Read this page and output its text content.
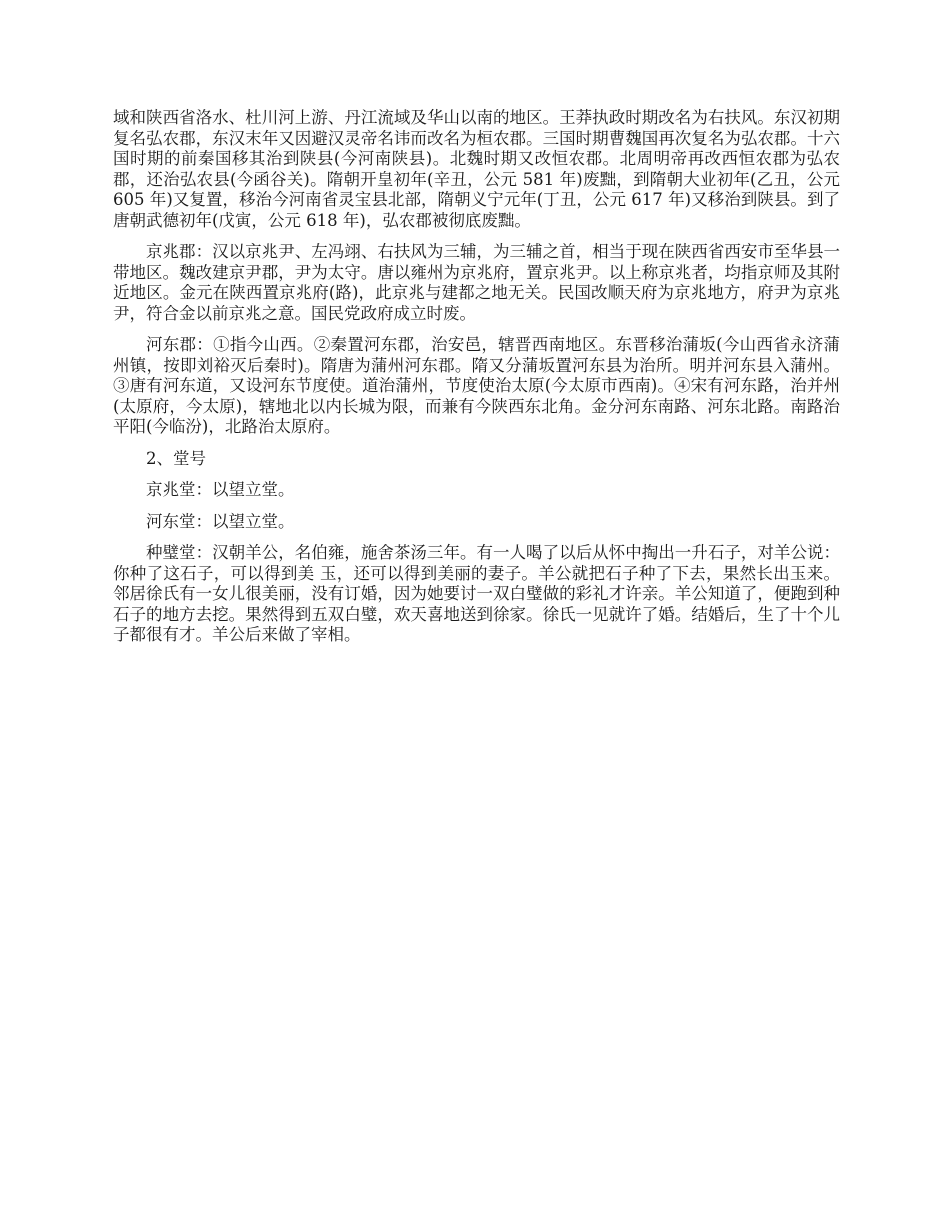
域和陕西省洛水、杜川河上游、丹江流域及华山以南的地区。王莽执政时期改名为右扶风。东汉初期复名弘农郡，东汉末年又因避汉灵帝名讳而改名为桓农郡。三国时期曹魏国再次复名为弘农郡。十六国时期的前秦国移其治到陕县(今河南陕县)。北魏时期又改恒农郡。北周明帝再改西恒农郡为弘农郡，还治弘农县(今函谷关)。隋朝开皇初年(辛丑，公元 581 年)废黜，到隋朝大业初年(乙丑，公元 605 年)又复置，移治今河南省灵宝县北部，隋朝义宁元年(丁丑，公元 617 年)又移治到陕县。到了唐朝武德初年(戊寅，公元 618 年)，弘农郡被彻底废黜。

京兆郡：汉以京兆尹、左冯翊、右扶风为三辅，为三辅之首，相当于现在陕西省西安市至华县一带地区。魏改建京尹郡，尹为太守。唐以雍州为京兆府，置京兆尹。以上称京兆者，均指京师及其附近地区。金元在陕西置京兆府(路)，此京兆与建都之地无关。民国改顺天府为京兆地方，府尹为京兆尹，符合金以前京兆之意。国民党政府成立时废。

河东郡：①指今山西。②秦置河东郡，治安邑，辖晋西南地区。东晋移治蒲坂(今山西省永济蒲州镇，按即刘裕灭后秦时)。隋唐为蒲州河东郡。隋又分蒲坂置河东县为治所。明并河东县入蒲州。③唐有河东道，又设河东节度使。道治蒲州，节度使治太原(今太原市西南)。④宋有河东路，治并州(太原府，今太原)，辖地北以内长城为限，而兼有今陕西东北角。金分河东南路、河东北路。南路治平阳(今临汾)，北路治太原府。

2、堂号

京兆堂：以望立堂。

河东堂：以望立堂。

种璧堂：汉朝羊公，名伯雍，施舍茶汤三年。有一人喝了以后从怀中掏出一升石子，对羊公说：你种了这石子，可以得到美 玉，还可以得到美丽的妻子。羊公就把石子种了下去，果然长出玉来。邻居徐氏有一女儿很美丽，没有订婚，因为她要讨一双白璧做的彩礼才许亲。羊公知道了，便跑到种石子的地方去挖。果然得到五双白璧，欢天喜地送到徐家。徐氏一见就许了婚。结婚后，生了十个儿子都很有才。羊公后来做了宰相。
